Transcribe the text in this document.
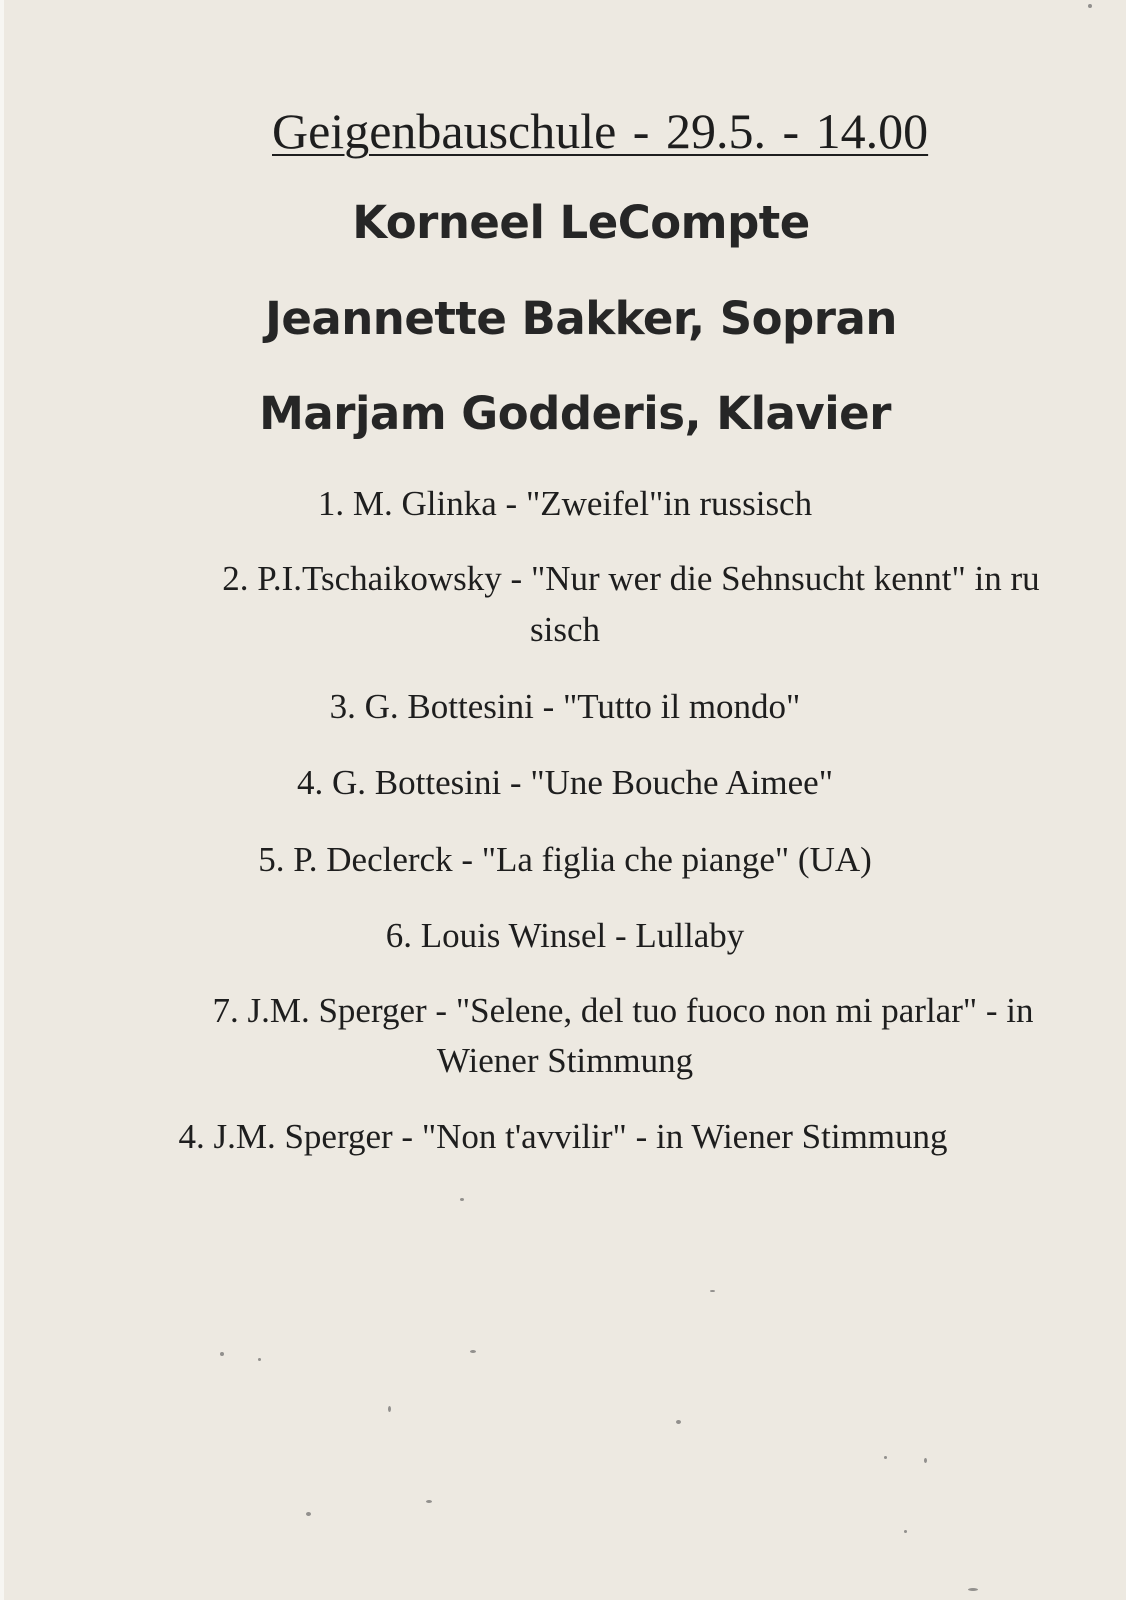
Geigenbauschule - 29.5. - 14.00
Korneel LeCompte
Jeannette Bakker, Sopran
Marjam Godderis, Klavier
1. M. Glinka - "Zweifel"in russisch
2. P.I.Tschaikowsky - "Nur wer die Sehnsucht kennt" in ru
sisch
3. G. Bottesini - "Tutto il mondo"
4. G. Bottesini - "Une Bouche Aimee"
5. P. Declerck - "La figlia che piange" (UA)
6. Louis Winsel - Lullaby
7. J.M. Sperger - "Selene, del tuo fuoco non mi parlar" - in
Wiener Stimmung
4. J.M. Sperger - "Non t'avvilir" - in Wiener Stimmung
